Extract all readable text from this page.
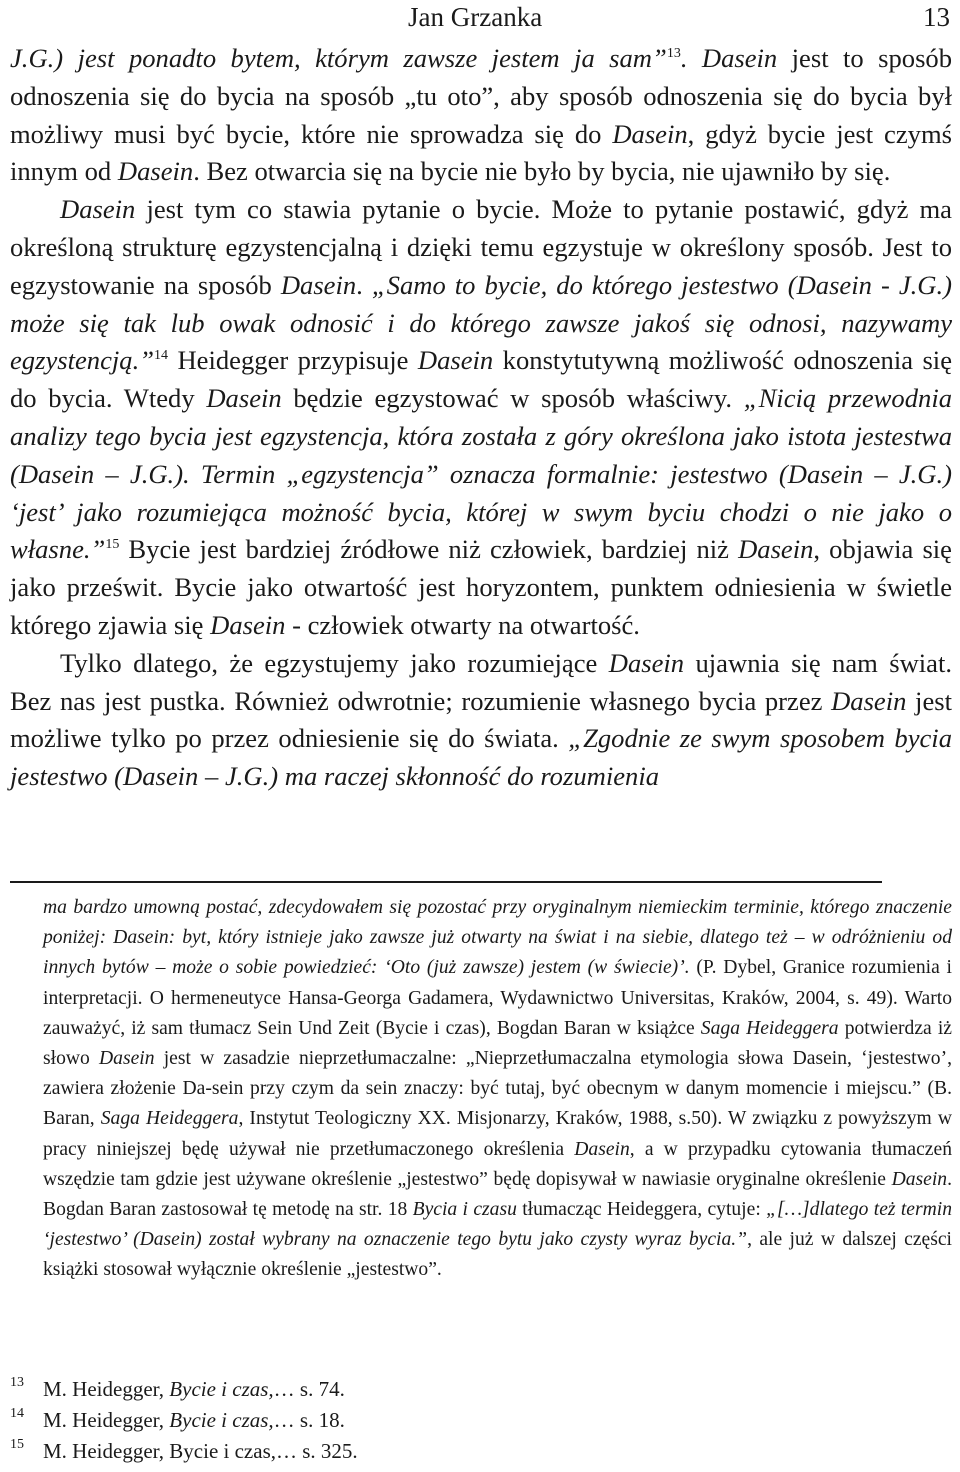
Jan Grzanka	13

J.G.) jest ponadto bytem, którym zawsze jestem ja sam”$^{13}$. Dasein jest to sposób odnoszenia się do bycia na sposób „tu oto”, aby sposób odnoszenia się do bycia był możliwy musi być bycie, które nie sprowadza się do Dasein, gdyż bycie jest czymś innym od Dasein. Bez otwarcia się na bycie nie było by bycia, nie ujawniło by się.

Dasein jest tym co stawia pytanie o bycie. Może to pytanie postawić, gdyż ma określoną strukturę egzystencjalną i dzięki temu egzystuje w określony sposób. Jest to egzystowanie na sposób Dasein. „Samo to bycie, do którego jestestwo (Dasein - J.G.) może się tak lub owak odnosić i do którego zawsze jakoś się odnosi, nazywamy egzystencją.”$^{14}$ Heidegger przypisuje Dasein konstytutywną możliwość odnoszenia się do bycia. Wtedy Dasein będzie egzystować w sposób właściwy. „Nicią przewodnia analizy tego bycia jest egzystencja, która została z góry określona jako istota jestestwa (Dasein – J.G.). Termin „egzystencja” oznacza formalnie: jestestwo (Dasein – J.G.) ‘jest’ jako rozumiejąca możność bycia, której w swym byciu chodzi o nie jako o własne.”$^{15}$ Bycie jest bardziej źródłowe niż człowiek, bardziej niż Dasein, objawia się jako prześwit. Bycie jako otwartość jest horyzontem, punktem odniesienia w świetle którego zjawia się Dasein - człowiek otwarty na otwartość.

Tylko dlatego, że egzystujemy jako rozumiejące Dasein ujawnia się nam świat. Bez nas jest pustka. Również odwrotnie; rozumienie własnego bycia przez Dasein jest możliwe tylko po przez odniesienie się do świata. „Zgodnie ze swym sposobem bycia jestestwo (Dasein – J.G.) ma raczej skłonność do rozumienia

ma bardzo umowną postać, zdecydowałem się pozostać przy oryginalnym niemieckim terminie, którego znaczenie poniżej: Dasein: byt, który istnieje jako zawsze już otwarty na świat i na siebie, dlatego też – w odróżnieniu od innych bytów – może o sobie powiedzieć: ‘Oto (już zawsze) jestem (w świecie)’. (P. Dybel, Granice rozumienia i interpretacji. O hermeneutyce Hansa-Georga Gadamera, Wydawnictwo Universitas, Kraków, 2004, s. 49). Warto zauważyć, iż sam tłumacz Sein Und Zeit (Bycie i czas), Bogdan Baran w książce Saga Heideggera potwierdza iż słowo Dasein jest w zasadzie nieprzetłumaczalne: „Nieprzetłumaczalna etymologia słowa Dasein, ‘jestestwo’, zawiera złożenie Da-sein przy czym da sein znaczy: być tutaj, być obecnym w danym momencie i miejscu.” (B. Baran, Saga Heideggera, Instytut Teologiczny XX. Misjonarzy, Kraków, 1988, s.50). W związku z powyższym w pracy niniejszej będę używał nie przetłumaczonego określenia Dasein, a w przypadku cytowania tłumaczeń wszędzie tam gdzie jest używane określenie „jestestwo” będę dopisywał w nawiasie oryginalne określenie Dasein. Bogdan Baran zastosował tę metodę na str. 18 Bycia i czasu tłumacząc Heideggera, cytuje: „[…]dlatego też termin ‘jestestwo’ (Dasein) został wybrany na oznaczenie tego bytu jako czysty wyraz bycia.”, ale już w dalszej części książki stosował wyłącznie określenie „jestestwo”.

13 M. Heidegger, Bycie i czas,… s. 74.
14 M. Heidegger, Bycie i czas,… s. 18.
15 M. Heidegger, Bycie i czas,… s. 325.
